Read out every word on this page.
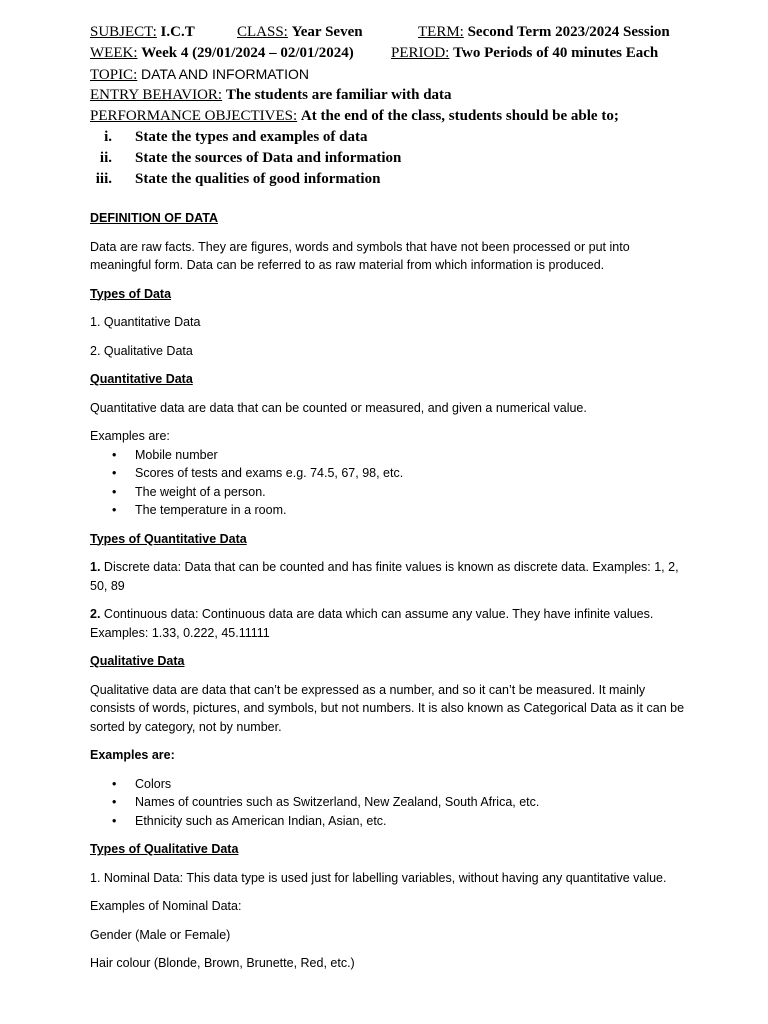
SUBJECT: I.C.T	CLASS: Year Seven	TERM: Second Term 2023/2024 Session
WEEK: Week 4 (29/01/2024 – 02/01/2024) PERIOD: Two Periods of 40 minutes Each
TOPIC: DATA AND INFORMATION
ENTRY BEHAVIOR: The students are familiar with data
PERFORMANCE OBJECTIVES: At the end of the class, students should be able to;
i. State the types and examples of data
ii. State the sources of Data and information
iii. State the qualities of good information
DEFINITION OF DATA
Data are raw facts. They are figures, words and symbols that have not been processed or put into meaningful form. Data can be referred to as raw material from which information is produced.
Types of Data
1. Quantitative Data
2. Qualitative Data
Quantitative Data
Quantitative data are data that can be counted or measured, and given a numerical value.
Examples are:
• Mobile number
• Scores of tests and exams e.g. 74.5, 67, 98, etc.
• The weight of a person.
• The temperature in a room.
Types of Quantitative Data
1. Discrete data: Data that can be counted and has finite values is known as discrete data. Examples: 1, 2, 50, 89
2. Continuous data: Continuous data are data which can assume any value. They have infinite values. Examples: 1.33, 0.222, 45.11111
Qualitative Data
Qualitative data are data that can’t be expressed as a number, and so it can’t be measured. It mainly consists of words, pictures, and symbols, but not numbers. It is also known as Categorical Data as it can be sorted by category, not by number.
Examples are:
• Colors
• Names of countries such as Switzerland, New Zealand, South Africa, etc.
• Ethnicity such as American Indian, Asian, etc.
Types of Qualitative Data
1. Nominal Data: This data type is used just for labelling variables, without having any quantitative value.
Examples of Nominal Data:
Gender (Male or Female)
Hair colour (Blonde, Brown, Brunette, Red, etc.)
